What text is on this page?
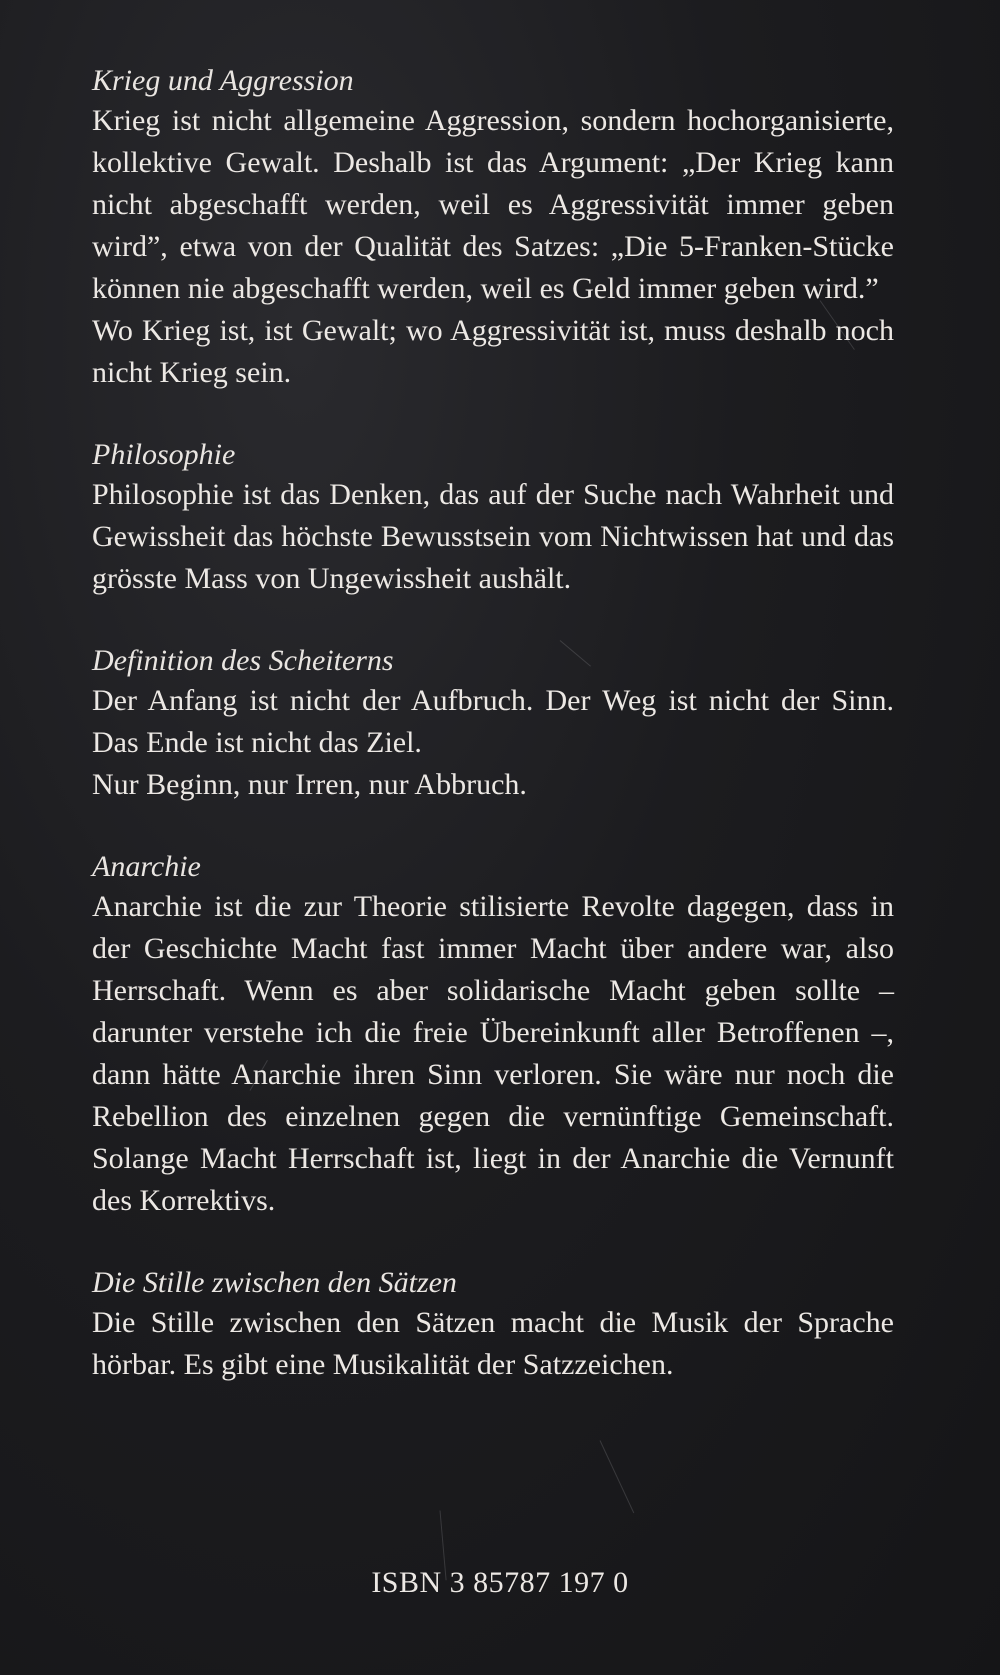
Krieg und Aggression

Krieg ist nicht allgemeine Aggression, sondern hochorganisierte, kollektive Gewalt. Deshalb ist das Argument: „Der Krieg kann nicht abgeschafft werden, weil es Aggressivität immer geben wird”, etwa von der Qualität des Satzes: „Die 5-Franken-Stücke können nie abgeschafft werden, weil es Geld immer geben wird.”

Wo Krieg ist, ist Gewalt; wo Aggressivität ist, muss deshalb noch nicht Krieg sein.

Philosophie

Philosophie ist das Denken, das auf der Suche nach Wahrheit und Gewissheit das höchste Bewusstsein vom Nichtwissen hat und das grösste Mass von Ungewissheit aushält.

Definition des Scheiterns

Der Anfang ist nicht der Aufbruch. Der Weg ist nicht der Sinn. Das Ende ist nicht das Ziel.

Nur Beginn, nur Irren, nur Abbruch.

Anarchie

Anarchie ist die zur Theorie stilisierte Revolte dagegen, dass in der Geschichte Macht fast immer Macht über andere war, also Herrschaft. Wenn es aber solidarische Macht geben sollte – darunter verstehe ich die freie Übereinkunft aller Betroffenen –, dann hätte Anarchie ihren Sinn verloren. Sie wäre nur noch die Rebellion des einzelnen gegen die vernünftige Gemeinschaft. Solange Macht Herrschaft ist, liegt in der Anarchie die Vernunft des Korrektivs.

Die Stille zwischen den Sätzen

Die Stille zwischen den Sätzen macht die Musik der Sprache hörbar. Es gibt eine Musikalität der Satzzeichen.

ISBN 3 85787 197 0
